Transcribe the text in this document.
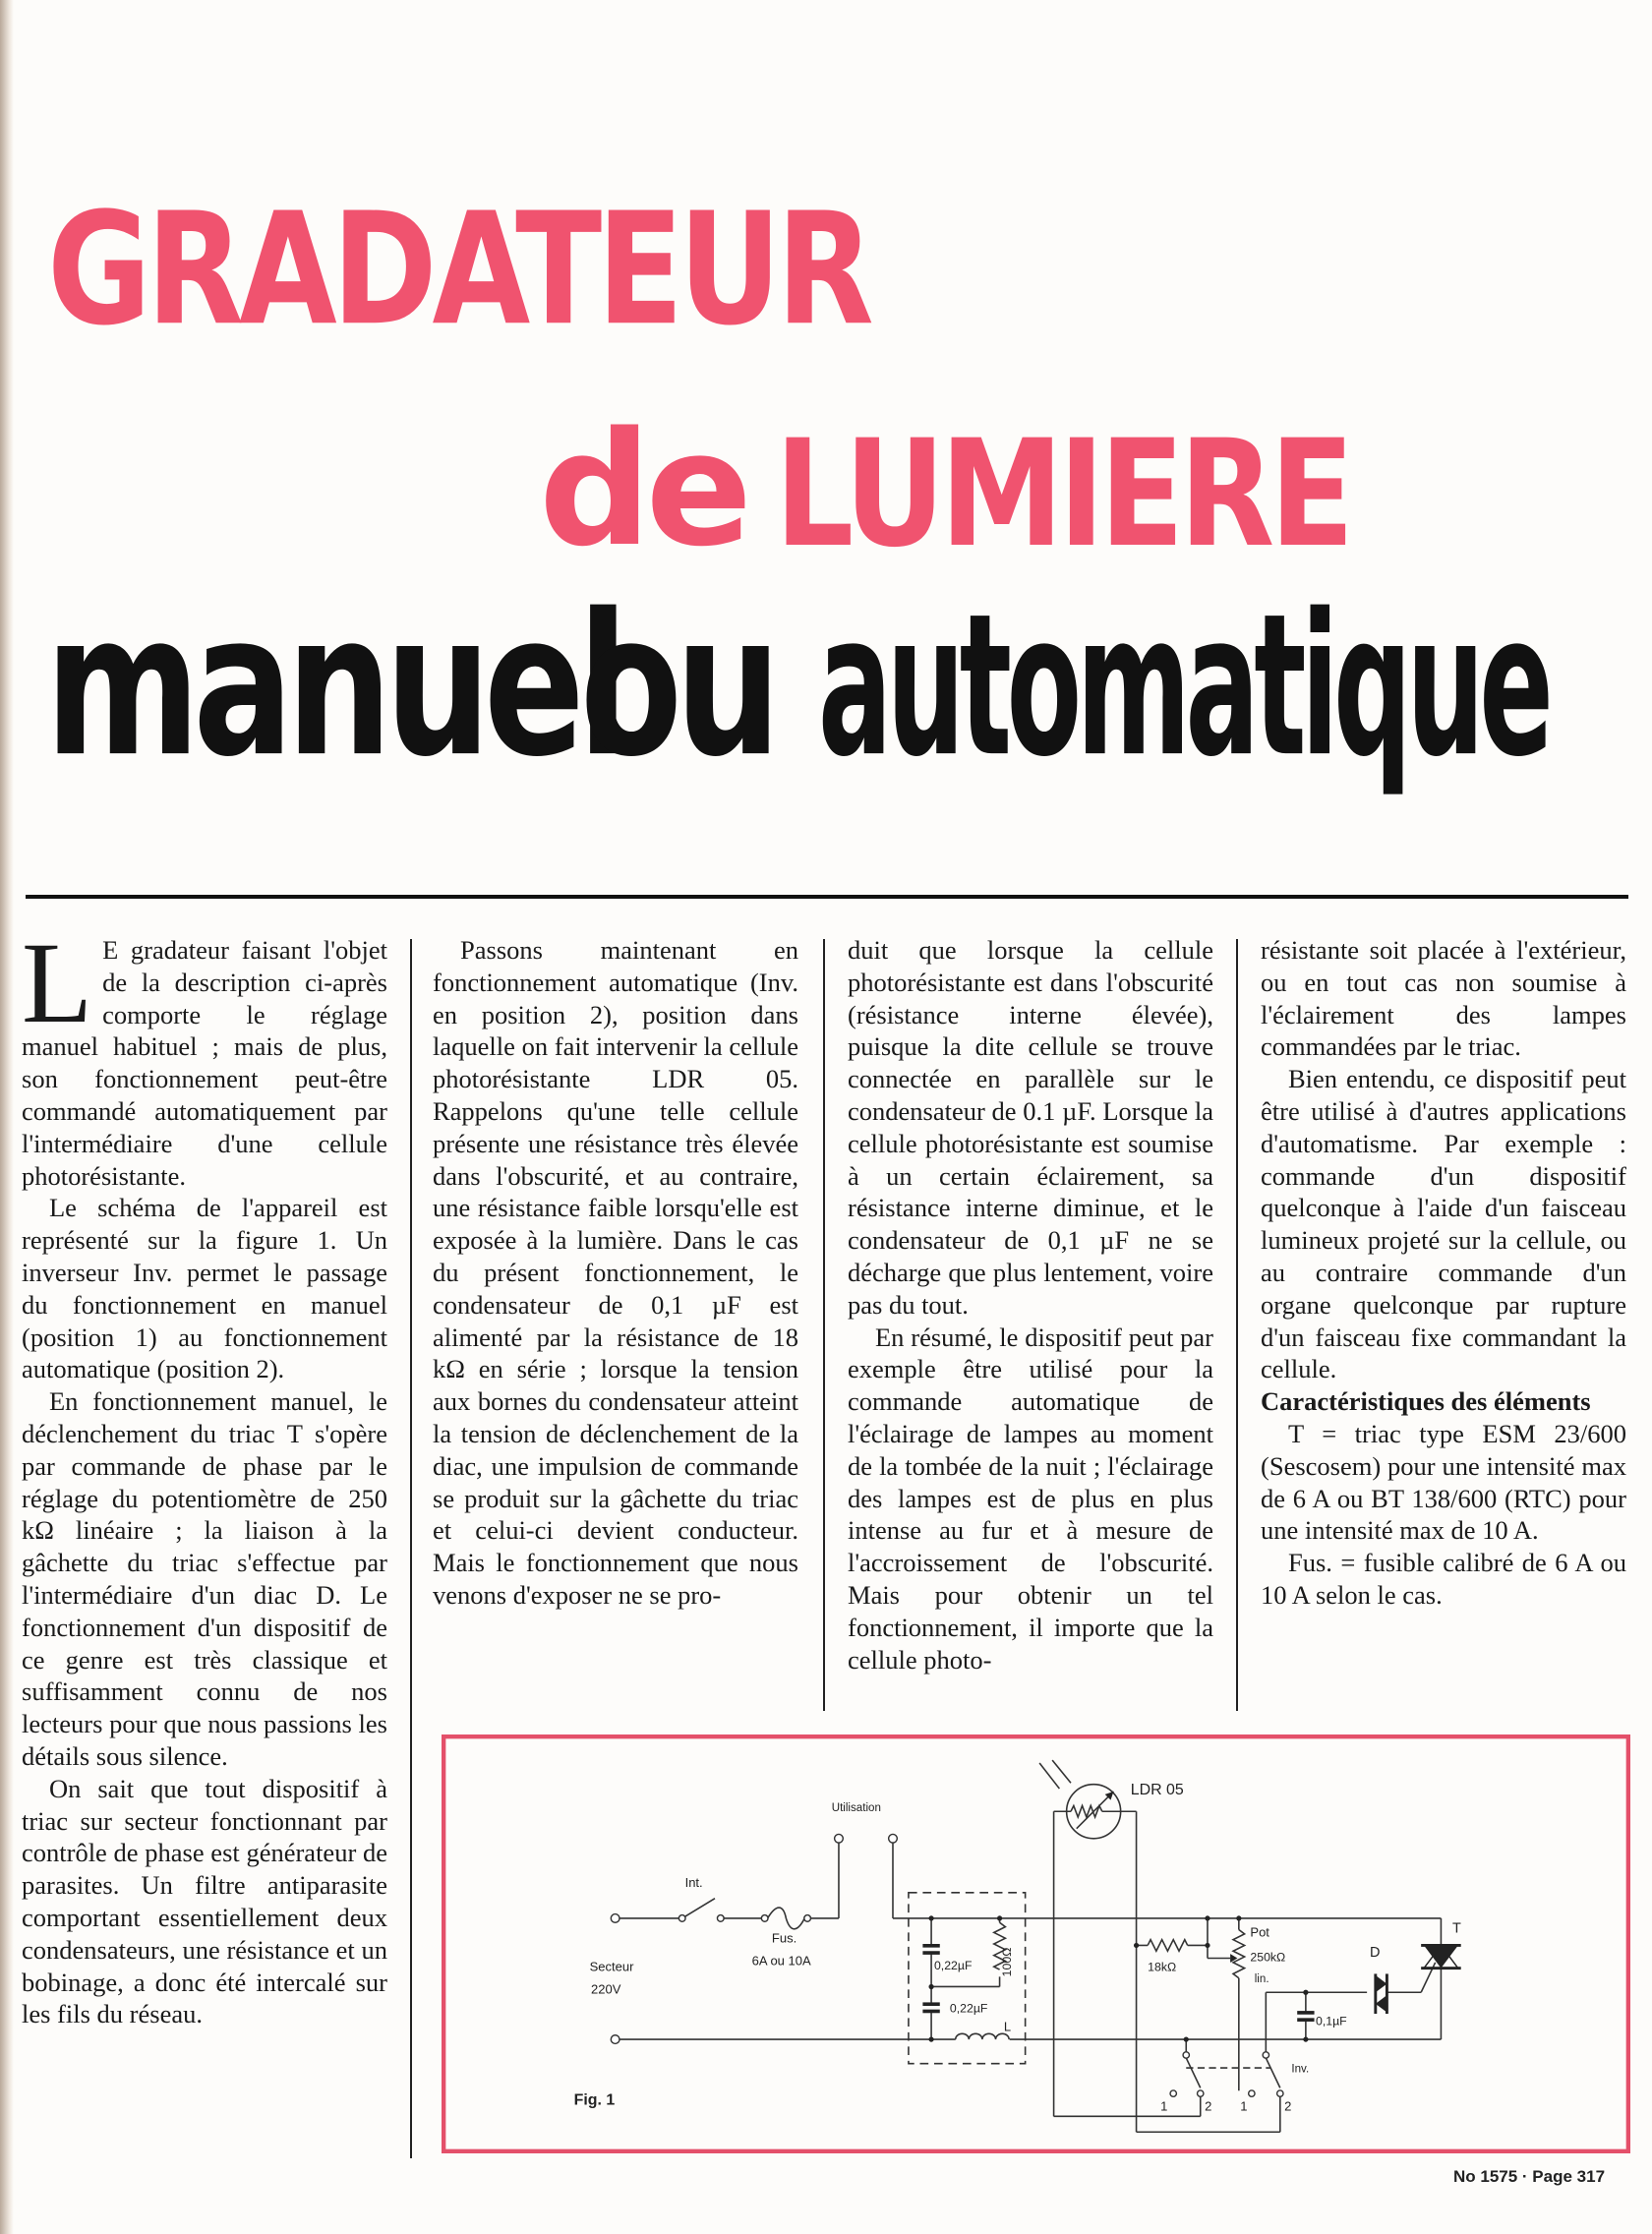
GRADATEUR
de LUMIERE
manuel
ou automatique

L E gradateur faisant l'objet de la description ci-après comporte le réglage manuel habituel ; mais de plus, son fonctionnement peut-être commandé automatiquement par l'intermédiaire d'une cellule photorésistante.

Le schéma de l'appareil est représenté sur la figure 1. Un inverseur Inv. permet le passage du fonctionnement en manuel (position 1) au fonctionnement automatique (position 2).

En fonctionnement manuel, le déclenchement du triac T s'opère par commande de phase par le réglage du potentiomètre de 250 kΩ linéaire ; la liaison à la gâchette du triac s'effectue par l'intermédiaire d'un diac D. Le fonctionnement d'un dispositif de ce genre est très classique et suffisamment connu de nos lecteurs pour que nous passions les détails sous silence.

On sait que tout dispositif à triac sur secteur fonctionnant par contrôle de phase est générateur de parasites. Un filtre antiparasite comportant essentiellement deux condensateurs, une résistance et un bobinage, a donc été intercalé sur les fils du réseau.

Passons maintenant en fonctionnement automatique (Inv. en position 2), position dans laquelle on fait intervenir la cellule photorésistante LDR 05. Rappelons qu'une telle cellule présente une résistance très élevée dans l'obscurité, et au contraire, une résistance faible lorsqu'elle est exposée à la lumière. Dans le cas du présent fonctionnement, le condensateur de 0,1 µF est alimenté par la résistance de 18 kΩ en série ; lorsque la tension aux bornes du condensateur atteint la tension de déclenchement de la diac, une impulsion de commande se produit sur la gâchette du triac et celui-ci devient conducteur. Mais le fonctionnement que nous venons d'exposer ne se pro-

duit que lorsque la cellule photorésistante est dans l'obscurité (résistance interne élevée), puisque la dite cellule se trouve connectée en parallèle sur le condensateur de 0.1 µF. Lorsque la cellule photorésistante est soumise à un certain éclairement, sa résistance interne diminue, et le condensateur de 0,1 µF ne se décharge que plus lentement, voire pas du tout.

En résumé, le dispositif peut par exemple être utilisé pour la commande automatique de l'éclairage de lampes au moment de la tombée de la nuit ; l'éclairage des lampes est de plus en plus intense au fur et à mesure de l'accroissement de l'obscurité. Mais pour obtenir un tel fonctionnement, il importe que la cellule photo-

résistante soit placée à l'extérieur, ou en tout cas non soumise à l'éclairement des lampes commandées par le triac.

Bien entendu, ce dispositif peut être utilisé à d'autres applications d'automatisme. Par exemple : commande d'un dispositif quelconque à l'aide d'un faisceau lumineux projeté sur la cellule, ou au contraire commande d'un organe quelconque par rupture d'un faisceau fixe commandant la cellule.

Caractéristiques des éléments

T = triac type ESM 23/600 (Sescosem) pour une intensité max de 6 A ou BT 138/600 (RTC) pour une intensité max de 10 A.

Fus. = fusible calibré de 6 A ou 10 A selon le cas.

Int.
Fus.
6A ou 10A
Secteur
220V
Utilisation
0,22µF
0,22µF
100Ω
L
LDR 05
18kΩ
Pot
250kΩ
lin.
0,1µF
D
T
Inv.
1	2	1	2
Fig. 1
No 1575 · Page 317
